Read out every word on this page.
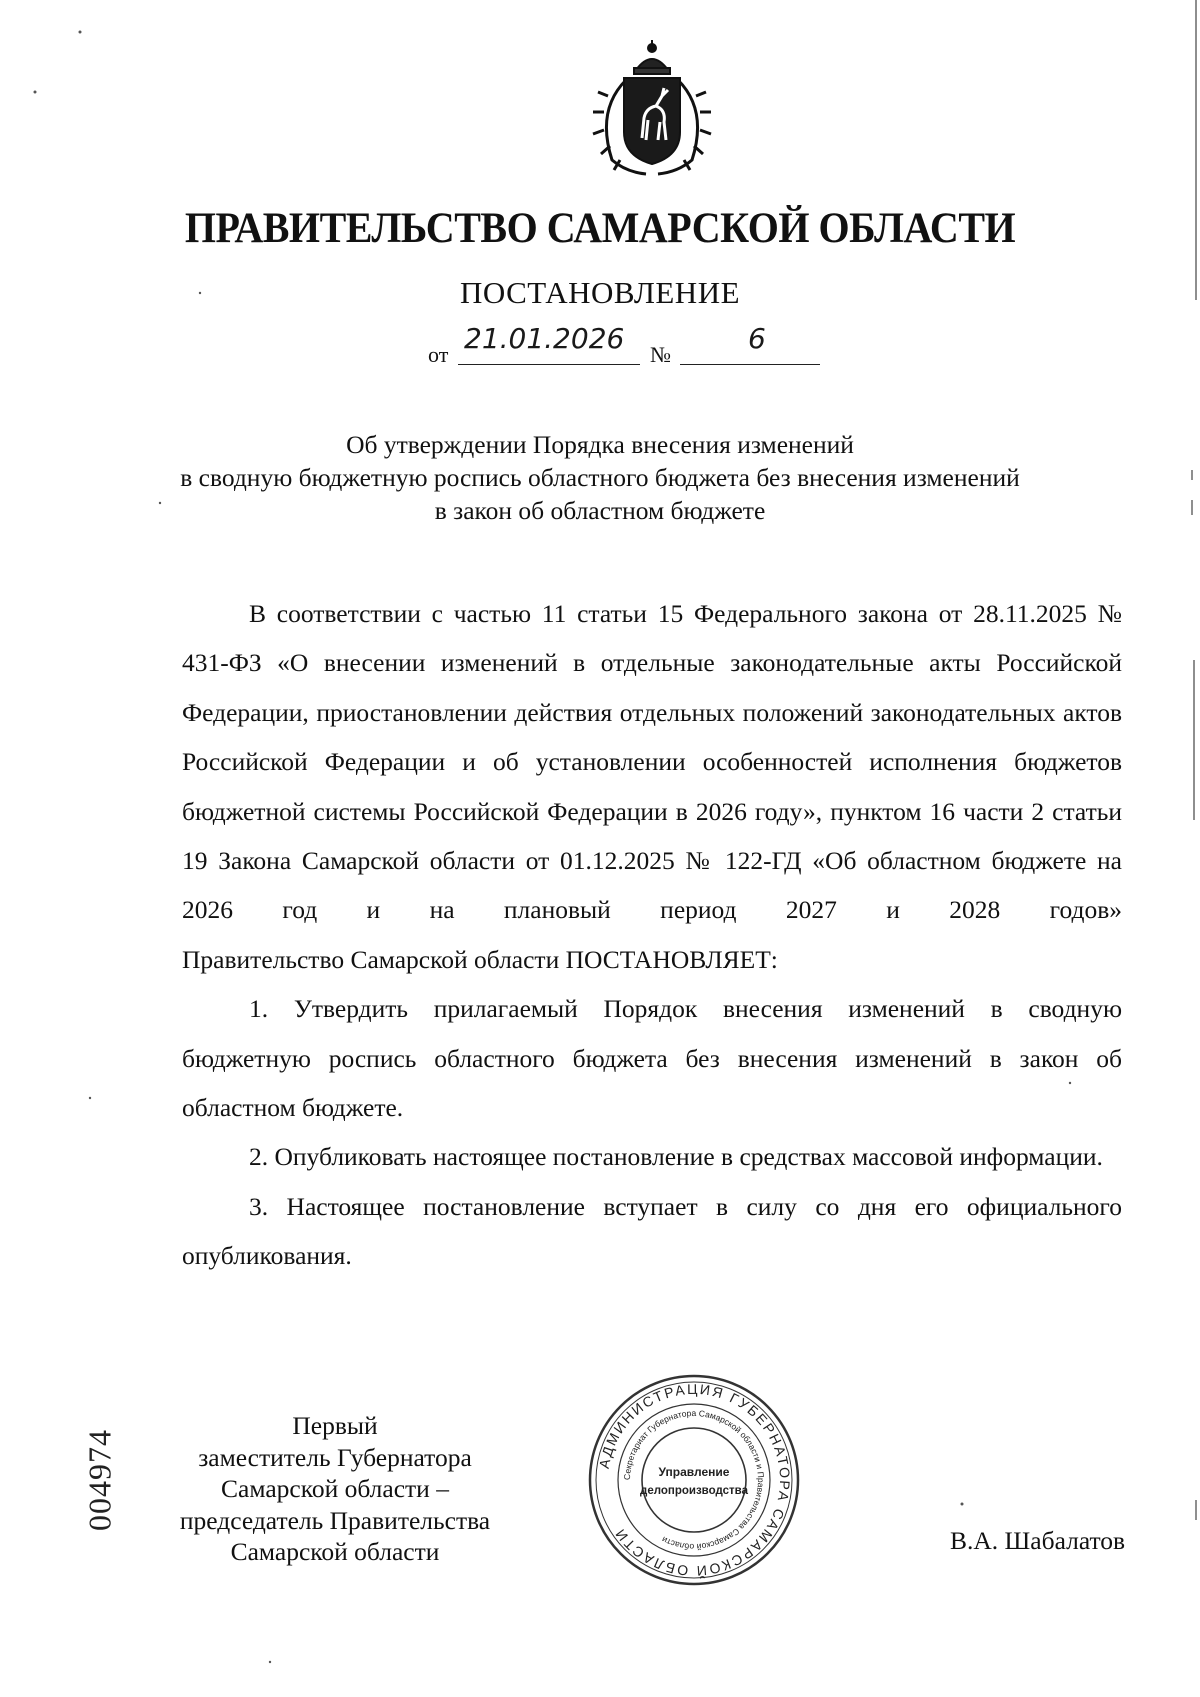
ПРАВИТЕЛЬСТВО САМАРСКОЙ ОБЛАСТИ
ПОСТАНОВЛЕНИЕ
от 21.01.2026 №	6
Об утверждении Порядка внесения изменений
в сводную бюджетную роспись областного бюджета без внесения изменений
в закон об областном бюджете

В соответствии с частью 11 статьи 15 Федерального закона от 28.11.2025 № 431-ФЗ «О внесении изменений в отдельные законодательные акты Российской Федерации, приостановлении действия отдельных положений законодательных актов Российской Федерации и об установлении особенностей исполнения бюджетов бюджетной системы Российской Федерации в 2026 году», пунктом 16 части 2 статьи 19 Закона Самарской области от 01.12.2025 № 122-ГД «Об областном бюджете на 2026 год и на плановый период 2027 и 2028 годов»

Правительство Самарской области ПОСТАНОВЛЯЕТ:

1. Утвердить прилагаемый Порядок внесения изменений в сводную бюджетную роспись областного бюджета без внесения изменений в закон об областном бюджете.

2. Опубликовать настоящее постановление в средствах массовой информации.

3. Настоящее постановление вступает в силу со дня его официального опубликования.

Первый
заместитель Губернатора
Самарской области –
председатель Правительства
Самарской области	В.А. Шабалатов
004974	АДМИНИСТРАЦИЯ ГУБЕРНАТОРА САМАРСКОЙ ОБЛАСТИ
Секретариат Губернатора Самарской области и Правительства Самарской области
Управление
делопроизводства
